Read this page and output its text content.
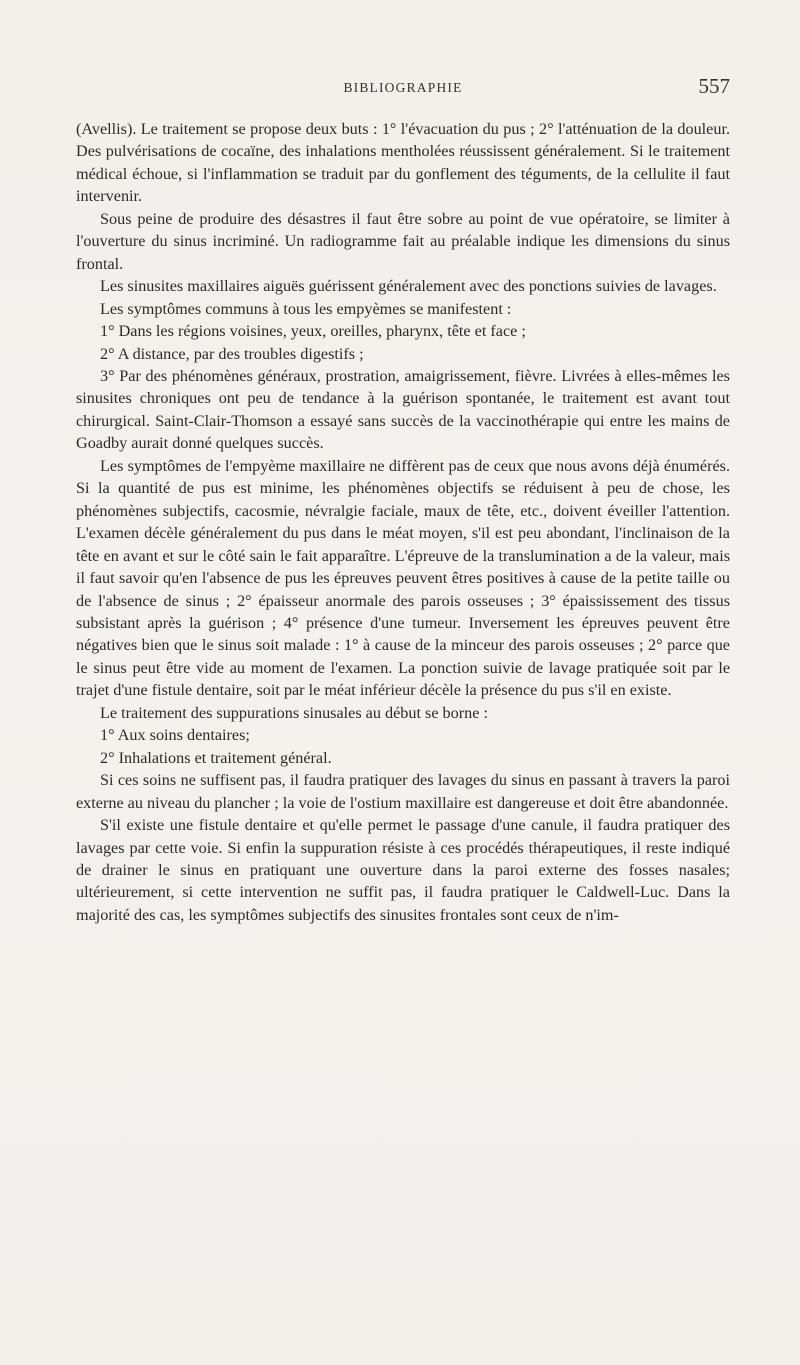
BIBLIOGRAPHIE	557

(Avellis). Le traitement se propose deux buts : 1° l'évacuation du pus ; 2° l'atténuation de la douleur. Des pulvérisations de cocaïne, des inhalations mentholées réussissent généralement. Si le traitement médical échoue, si l'inflammation se traduit par du gonflement des téguments, de la cellulite il faut intervenir.

Sous peine de produire des désastres il faut être sobre au point de vue opératoire, se limiter à l'ouverture du sinus incriminé. Un radiogramme fait au préalable indique les dimensions du sinus frontal.

Les sinusites maxillaires aiguës guérissent généralement avec des ponctions suivies de lavages.

Les symptômes communs à tous les empyèmes se manifestent :

1° Dans les régions voisines, yeux, oreilles, pharynx, tête et face ;

2° A distance, par des troubles digestifs ;

3° Par des phénomènes généraux, prostration, amaigrissement, fièvre. Livrées à elles-mêmes les sinusites chroniques ont peu de tendance à la guérison spontanée, le traitement est avant tout chirurgical. Saint-Clair-Thomson a essayé sans succès de la vaccinothérapie qui entre les mains de Goadby aurait donné quelques succès.

Les symptômes de l'empyème maxillaire ne diffèrent pas de ceux que nous avons déjà énumérés. Si la quantité de pus est minime, les phénomènes objectifs se réduisent à peu de chose, les phénomènes subjectifs, cacosmie, névralgie faciale, maux de tête, etc., doivent éveiller l'attention. L'examen décèle généralement du pus dans le méat moyen, s'il est peu abondant, l'inclinaison de la tête en avant et sur le côté sain le fait apparaître. L'épreuve de la translumination a de la valeur, mais il faut savoir qu'en l'absence de pus les épreuves peuvent êtres positives à cause de la petite taille ou de l'absence de sinus ; 2° épaisseur anormale des parois osseuses ; 3° épaississement des tissus subsistant après la guérison ; 4° présence d'une tumeur. Inversement les épreuves peuvent être négatives bien que le sinus soit malade : 1° à cause de la minceur des parois osseuses ; 2° parce que le sinus peut être vide au moment de l'examen. La ponction suivie de lavage pratiquée soit par le trajet d'une fistule dentaire, soit par le méat inférieur décèle la présence du pus s'il en existe.

Le traitement des suppurations sinusales au début se borne :

1° Aux soins dentaires;

2° Inhalations et traitement général.

Si ces soins ne suffisent pas, il faudra pratiquer des lavages du sinus en passant à travers la paroi externe au niveau du plancher ; la voie de l'ostium maxillaire est dangereuse et doit être abandonnée.

S'il existe une fistule dentaire et qu'elle permet le passage d'une canule, il faudra pratiquer des lavages par cette voie. Si enfin la suppuration résiste à ces procédés thérapeutiques, il reste indiqué de drainer le sinus en pratiquant une ouverture dans la paroi externe des fosses nasales; ultérieurement, si cette intervention ne suffit pas, il faudra pratiquer le Caldwell-Luc. Dans la majorité des cas, les symptômes subjectifs des sinusites frontales sont ceux de n'im-
